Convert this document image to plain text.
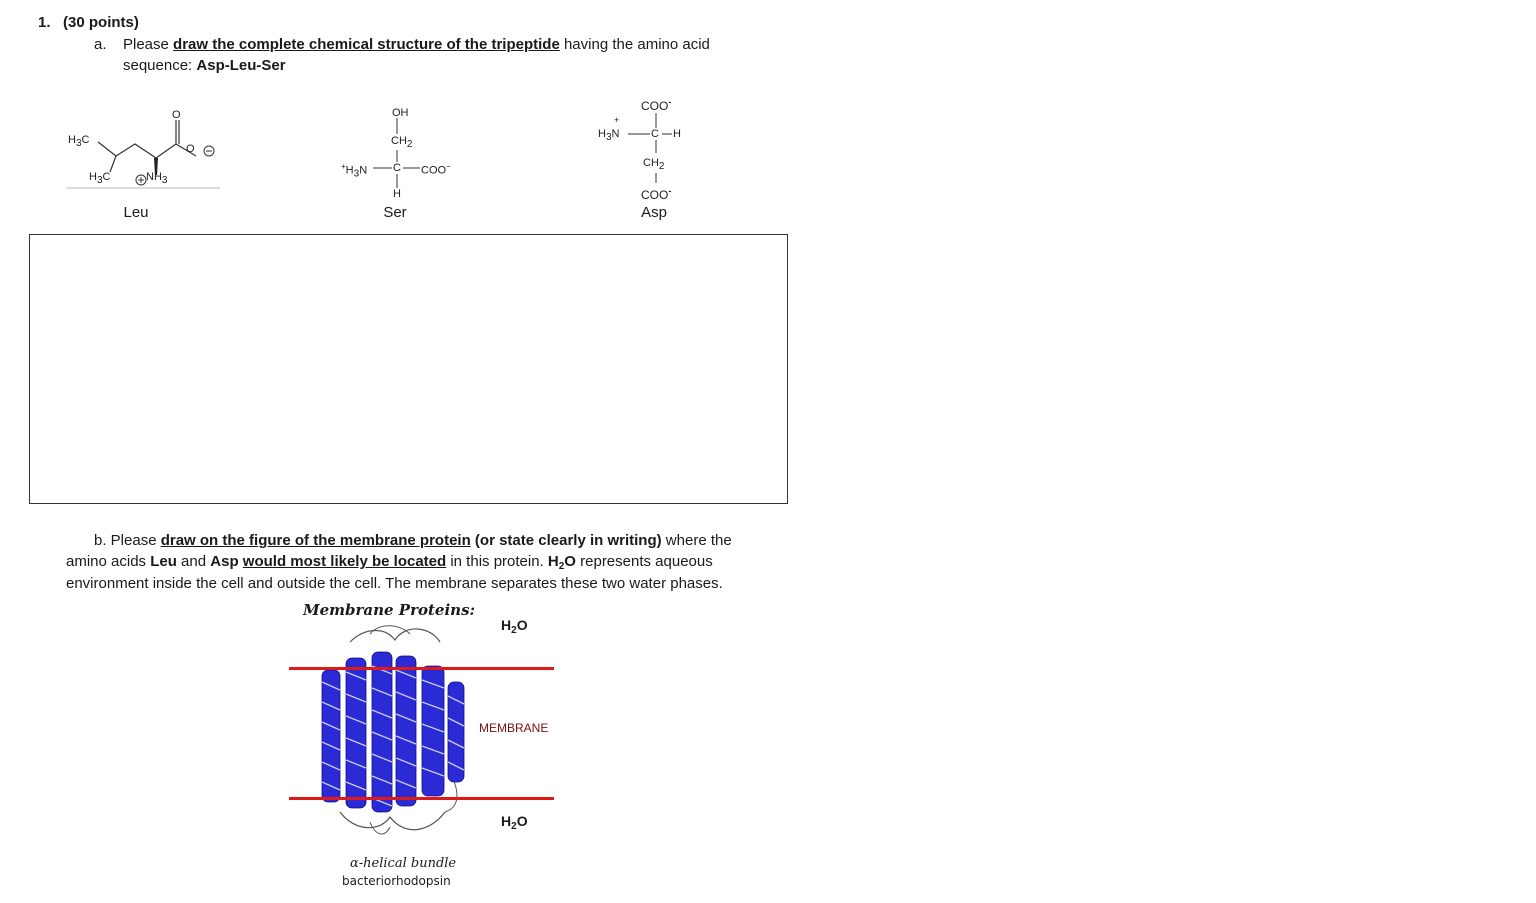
1. (30 points)
a. Please draw the complete chemical structure of the tripeptide having the amino acid
sequence: Asp-Leu-Ser
$H_3C$
$H_3C$	$NH_3$
O
O
Leu
OH
$CH_2$
$^+H_3N$ C COO−
H
Ser
COO-
+
$H_3N$	C H
$CH_2$
COO-
Asp
b. Please draw on the figure of the membrane protein (or state clearly in writing) where the
amino acids Leu and Asp would most likely be located in this protein. $H_2O$ represents aqueous
environment inside the cell and outside the cell. The membrane separates these two water phases.
Membrane Proteins:
$H_2O$
MEMBRANE
$H_2O$
α-helical bundle
bacteriorhodopsin
